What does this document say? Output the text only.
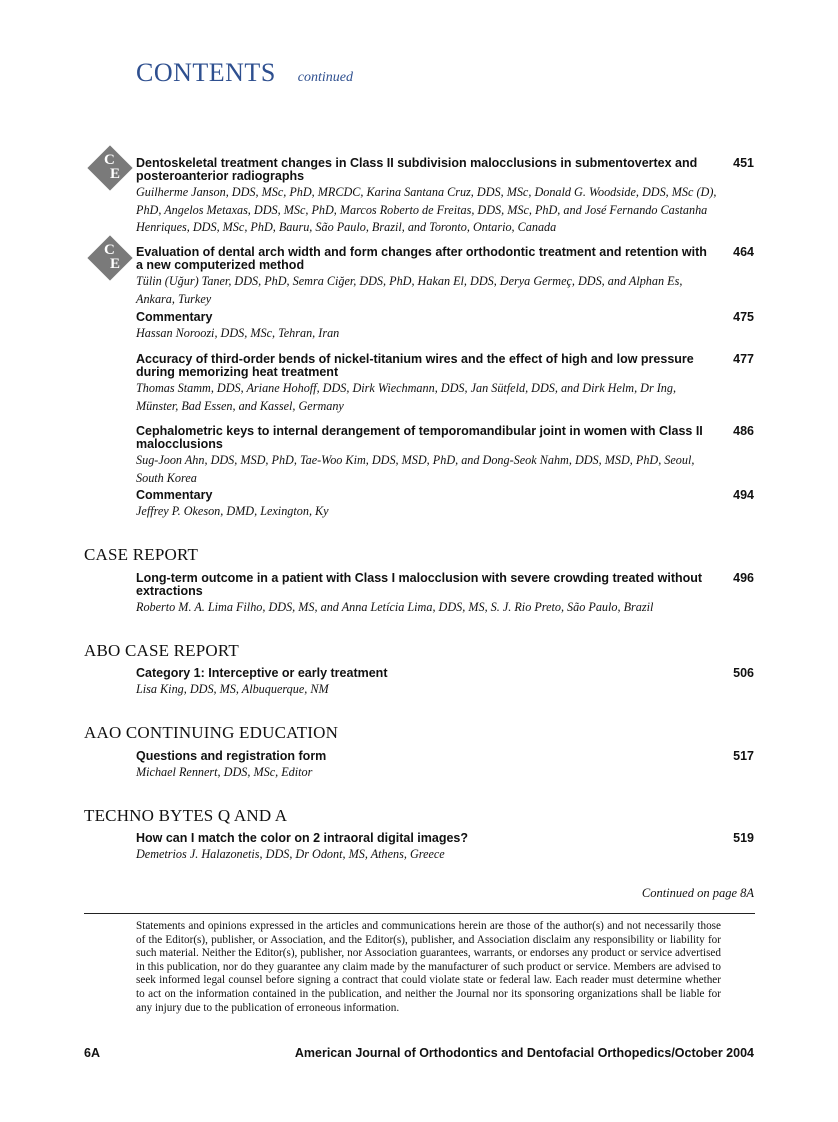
CONTENTS continued
C
E
C
E
Dentoskeletal treatment changes in Class II subdivision malocclusions in submentovertex and posteroanterior radiographs
Guilherme Janson, DDS, MSc, PhD, MRCDC, Karina Santana Cruz, DDS, MSc, Donald G. Woodside, DDS, MSc (D), PhD, Angelos Metaxas, DDS, MSc, PhD, Marcos Roberto de Freitas, DDS, MSc, PhD, and José Fernando Castanha Henriques, DDS, MSc, PhD, Bauru, São Paulo, Brazil, and Toronto, Ontario, Canada
451
Evaluation of dental arch width and form changes after orthodontic treatment and retention with a new computerized method
Tülin (Uğur) Taner, DDS, PhD, Semra Ciğer, DDS, PhD, Hakan El, DDS, Derya Germeç, DDS, and Alphan Es, Ankara, Turkey
464
Commentary
Hassan Noroozi, DDS, MSc, Tehran, Iran
475
Accuracy of third-order bends of nickel-titanium wires and the effect of high and low pressure during memorizing heat treatment
Thomas Stamm, DDS, Ariane Hohoff, DDS, Dirk Wiechmann, DDS, Jan Sütfeld, DDS, and Dirk Helm, Dr Ing, Münster, Bad Essen, and Kassel, Germany
477
Cephalometric keys to internal derangement of temporomandibular joint in women with Class II malocclusions
Sug-Joon Ahn, DDS, MSD, PhD, Tae-Woo Kim, DDS, MSD, PhD, and Dong-Seok Nahm, DDS, MSD, PhD, Seoul, South Korea
486
Commentary
Jeffrey P. Okeson, DMD, Lexington, Ky
494
CASE REPORT
Long-term outcome in a patient with Class I malocclusion with severe crowding treated without extractions
Roberto M. A. Lima Filho, DDS, MS, and Anna Letícia Lima, DDS, MS, S. J. Rio Preto, São Paulo, Brazil
496
ABO CASE REPORT
Category 1: Interceptive or early treatment
Lisa King, DDS, MS, Albuquerque, NM
506
AAO CONTINUING EDUCATION
Questions and registration form
Michael Rennert, DDS, MSc, Editor
517
TECHNO BYTES Q AND A
How can I match the color on 2 intraoral digital images?
Demetrios J. Halazonetis, DDS, Dr Odont, MS, Athens, Greece
519
Continued on page 8A
Statements and opinions expressed in the articles and communications herein are those of the author(s) and not necessarily those of the Editor(s), publisher, or Association, and the Editor(s), publisher, and Association disclaim any responsibility or liability for such material. Neither the Editor(s), publisher, nor Association guarantees, warrants, or endorses any product or service advertised in this publication, nor do they guarantee any claim made by the manufacturer of such product or service. Members are advised to seek informed legal counsel before signing a contract that could violate state or federal law. Each reader must determine whether to act on the information contained in the publication, and neither the Journal nor its sponsoring organizations shall be liable for any injury due to the publication of erroneous information.
6A	American Journal of Orthodontics and Dentofacial Orthopedics/October 2004
